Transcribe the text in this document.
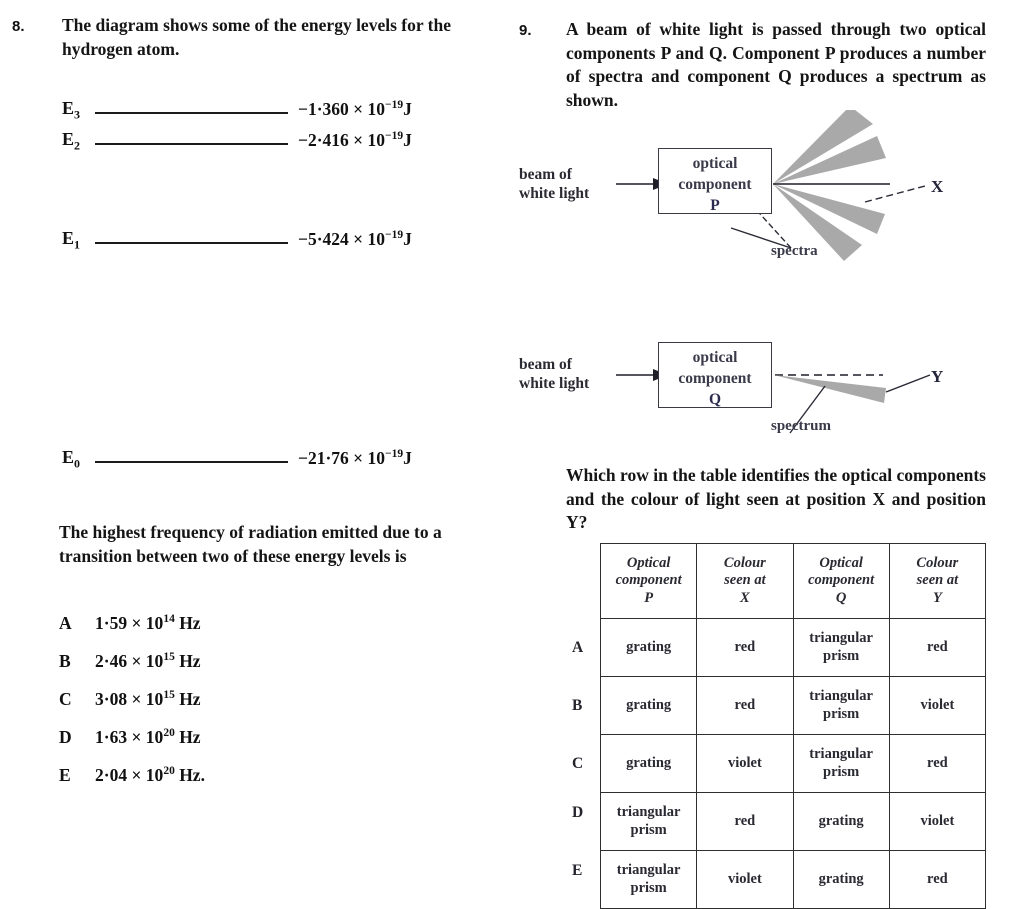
8. The diagram shows some of the energy levels for the hydrogen atom.
$E_3$	$-1\cdot 360 \times 10^{-19}J$
$E_2$	$-2\cdot 416 \times 10^{-19}J$
$E_1$	$-5\cdot 424 \times 10^{-19}J$
$E_0$	$-21\cdot 76 \times 10^{-19}J$
The highest frequency of radiation emitted due to a transition between two of these energy levels is
A $1\cdot 59 \times 10^{14}$ Hz
B $2\cdot 46 \times 10^{15}$ Hz
C $3\cdot 08 \times 10^{15}$ Hz
D $1\cdot 63 \times 10^{20}$ Hz
E $2\cdot 04 \times 10^{20}$ Hz.
9. A beam of white light is passed through two optical components P and Q. Component P produces a number of spectra and component Q produces a spectrum as shown.
beam of
white light
optical
component
P
X
spectra
beam of
white light
optical
component
Q
Y
spectrum
Which row in the table identifies the optical components and the colour of light seen at position X and position Y?
Optical
component
P	Colour
seen at
X	Optical
component
Q	Colour
seen at
Y

A grating	red	triangular prism	red

B grating	red	triangular prism	violet

C grating	violet	triangular prism	red

D triangular prism	red	grating	violet

E triangular prism	violet	grating	red
